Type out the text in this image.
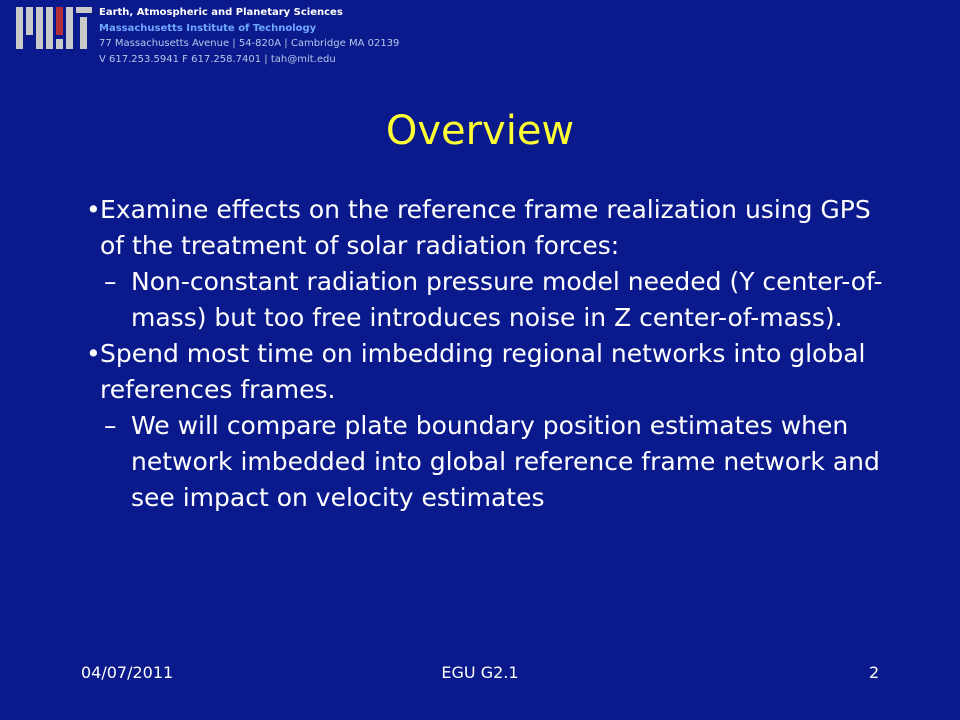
Earth, Atmospheric and Planetary Sciences
Massachusetts Institute of Technology
77 Massachusetts Avenue | 54-820A | Cambridge MA 02139
V 617.253.5941 F 617.258.7401 | tah@mit.edu
Overview
• Examine effects on the reference frame realization using GPS of the treatment of solar radiation forces:
– Non-constant radiation pressure model needed (Y center-of-mass) but too free introduces noise in Z center-of-mass).
• Spend most time on imbedding regional networks into global references frames.
– We will compare plate boundary position estimates when network imbedded into global reference frame network and see impact on velocity estimates
04/07/2011	EGU G2.1	2
